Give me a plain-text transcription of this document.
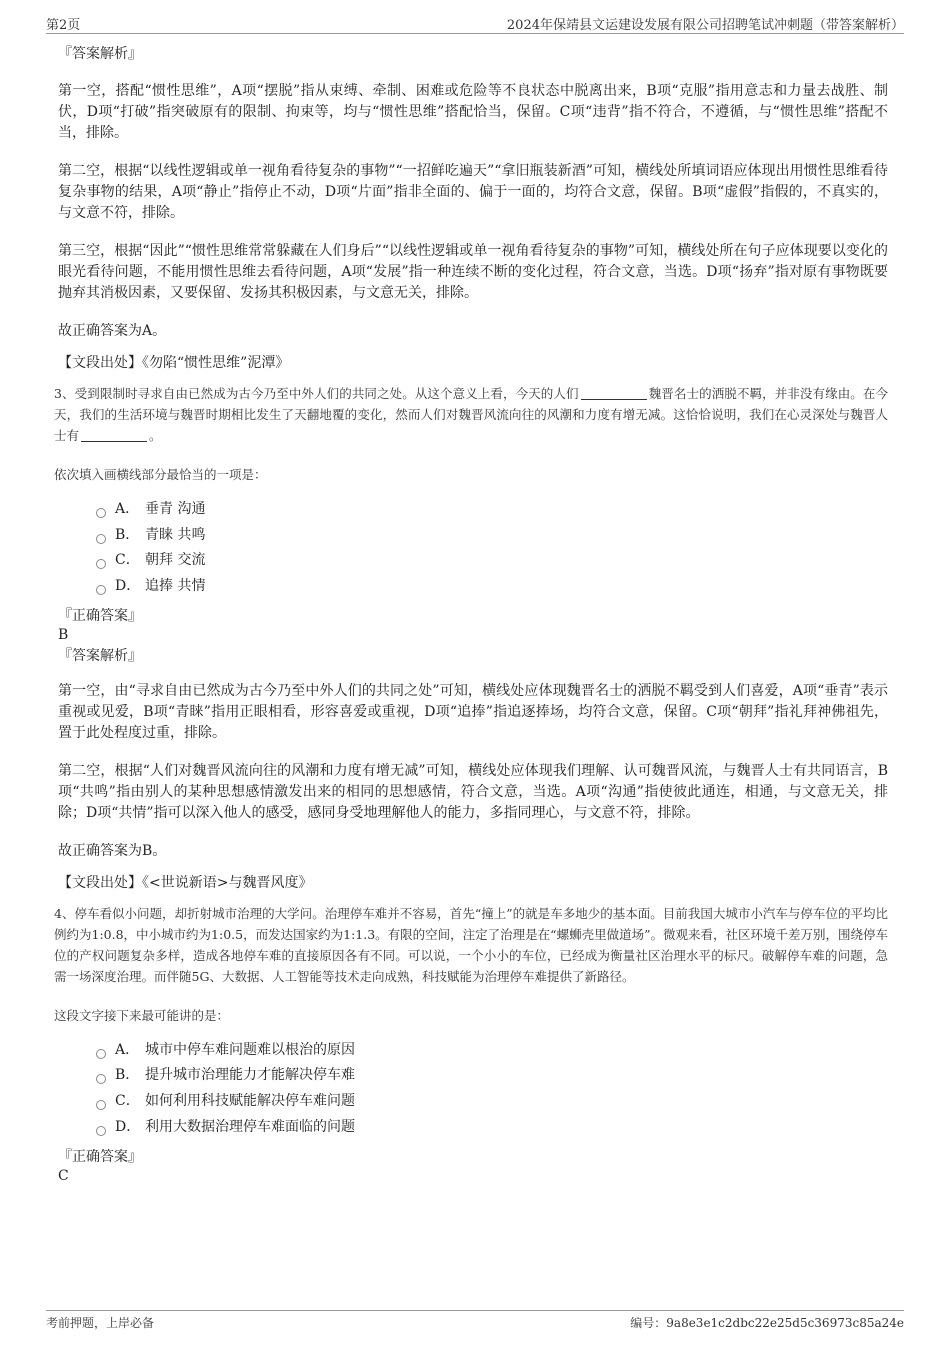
第2页	2024年保靖县文运建设发展有限公司招聘笔试冲刺题（带答案解析）
『答案解析』
第一空，搭配“惯性思维”，A项“摆脱”指从束缚、牵制、困难或危险等不良状态中脱离出来，B项“克服”指用意志和力量去战胜、制伏，D项“打破”指突破原有的限制、拘束等，均与“惯性思维”搭配恰当，保留。C项“违背”指不符合，不遵循，与“惯性思维”搭配不当，排除。
第二空，根据“以线性逻辑或单一视角看待复杂的事物”“一招鲜吃遍天”“拿旧瓶装新酒”可知，横线处所填词语应体现出用惯性思维看待复杂事物的结果，A项“静止”指停止不动，D项“片面”指非全面的、偏于一面的，均符合文意，保留。B项“虚假”指假的，不真实的，与文意不符，排除。
第三空，根据“因此”“惯性思维常常躲藏在人们身后”“以线性逻辑或单一视角看待复杂的事物”可知，横线处所在句子应体现要以变化的眼光看待问题，不能用惯性思维去看待问题，A项“发展”指一种连续不断的变化过程，符合文意，当选。D项“扬弃”指对原有事物既要抛弃其消极因素，又要保留、发扬其积极因素，与文意无关，排除。
故正确答案为A。
【文段出处】《勿陷“惯性思维”泥潭》
3、受到限制时寻求自由已然成为古今乃至中外人们的共同之处。从这个意义上看，今天的人们	魏晋名士的洒脱不羁，并非没有缘由。在今天，我们的生活环境与魏晋时期相比发生了天翻地覆的变化，然而人们对魏晋风流向往的风潮和力度有增无减。这恰恰说明，我们在心灵深处与魏晋人士有	。
依次填入画横线部分最恰当的一项是：
A． 垂青 沟通
B． 青睐 共鸣
C． 朝拜 交流
D． 追捧 共情
『正确答案』
B
『答案解析』
第一空，由“寻求自由已然成为古今乃至中外人们的共同之处”可知，横线处应体现魏晋名士的洒脱不羁受到人们喜爱，A项“垂青”表示重视或见爱，B项“青睐”指用正眼相看，形容喜爱或重视，D项“追捧”指追逐捧场，均符合文意，保留。C项“朝拜”指礼拜神佛祖先，置于此处程度过重，排除。
第二空，根据“人们对魏晋风流向往的风潮和力度有增无减”可知，横线处应体现我们理解、认可魏晋风流，与魏晋人士有共同语言，B项“共鸣”指由别人的某种思想感情激发出来的相同的思想感情，符合文意，当选。A项“沟通”指使彼此通连，相通，与文意无关，排除；D项“共情”指可以深入他人的感受，感同身受地理解他人的能力，多指同理心，与文意不符，排除。
故正确答案为B。
【文段出处】《<世说新语>与魏晋风度》
4、停车看似小问题，却折射城市治理的大学问。治理停车难并不容易，首先“撞上”的就是车多地少的基本面。目前我国大城市小汽车与停车位的平均比例约为1:0.8，中小城市约为1:0.5，而发达国家约为1:1.3。有限的空间，注定了治理是在“螺蛳壳里做道场”。微观来看，社区环境千差万别，围绕停车位的产权问题复杂多样，造成各地停车难的直接原因各有不同。可以说，一个小小的车位，已经成为衡量社区治理水平的标尺。破解停车难的问题，急需一场深度治理。而伴随5G、大数据、人工智能等技术走向成熟，科技赋能为治理停车难提供了新路径。
这段文字接下来最可能讲的是：
A． 城市中停车难问题难以根治的原因
B． 提升城市治理能力才能解决停车难
C． 如何利用科技赋能解决停车难问题
D． 利用大数据治理停车难面临的问题
『正确答案』
C
考前押题，上岸必备	编号：9a8e3e1c2dbc22e25d5c36973c85a24e
